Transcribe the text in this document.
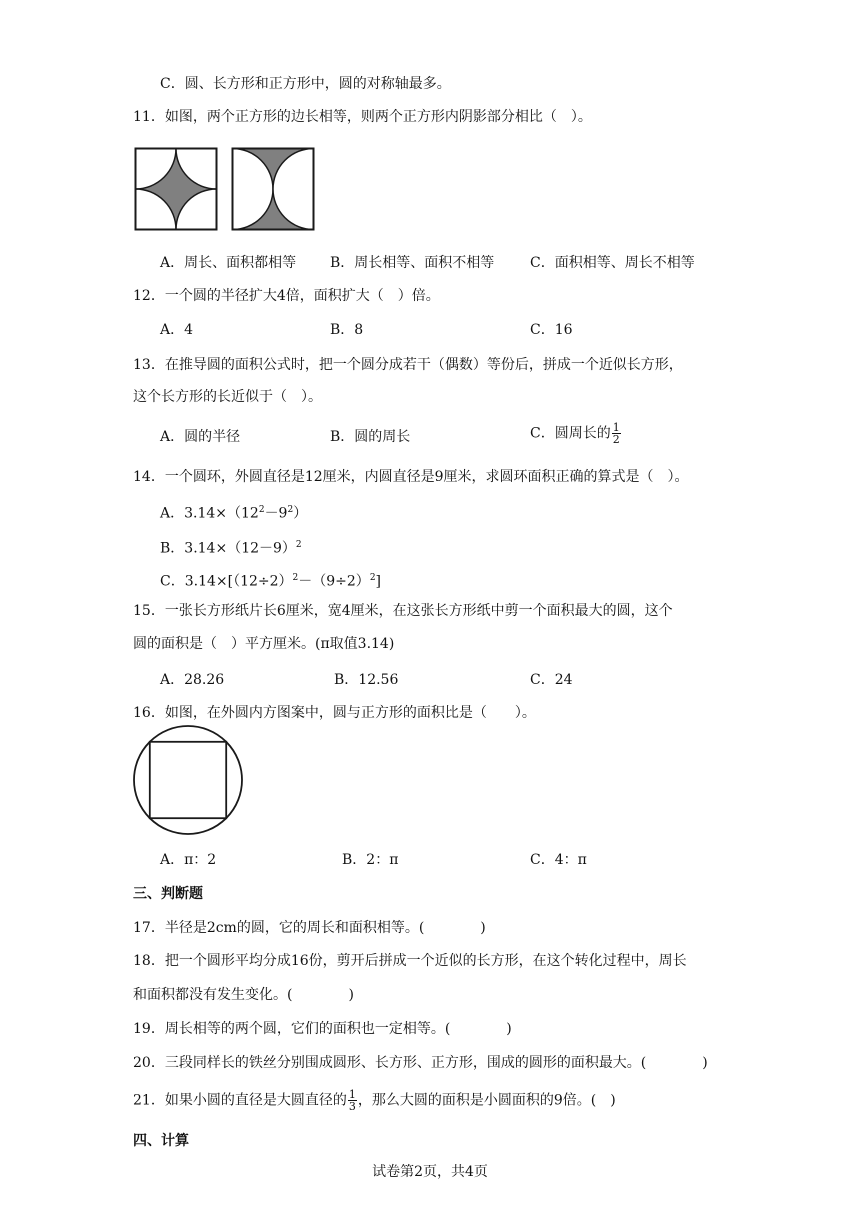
C．圆、长方形和正方形中，圆的对称轴最多。
11．如图，两个正方形的边长相等，则两个正方形内阴影部分相比（　）。
A．周长、面积都相等 B．周长相等、面积不相等	C．面积相等、周长不相等
12．一个圆的半径扩大4倍，面积扩大（　）倍。
A．4	B．8	C．16
13．在推导圆的面积公式时，把一个圆分成若干（偶数）等份后，拼成一个近似长方形，
这个长方形的长近似于（　）。
A．圆的半径	B．圆的周长	C．圆周长的 $\frac{1}{2}$
14．一个圆环，外圆直径是12厘米，内圆直径是9厘米，求圆环面积正确的算式是（　）。
A．$3.14\times(12^2-9^2)$
B．$3.14\times(12-9)^2$
C．$3.14\times[(12\div 2)^2-(9\div 2)^2]$
15．一张长方形纸片长6厘米，宽4厘米，在这张长方形纸中剪一个面积最大的圆，这个
圆的面积是（　）平方厘米。(π取值3.14)
A．28.26	B．12.56	C．24
16．如图，在外圆内方图案中，圆与正方形的面积比是（　　）。
A．π：2	B．2：π	C．4：π
三、判断题
17．半径是2cm的圆，它的周长和面积相等。(　　　　)
18．把一个圆形平均分成16份，剪开后拼成一个近似的长方形，在这个转化过程中，周长
和面积都没有发生变化。(　　　　)
19．周长相等的两个圆，它们的面积也一定相等。(　　　　)
20．三段同样长的铁丝分别围成圆形、长方形、正方形，围成的圆形的面积最大。(　　　　)
21．如果小圆的直径是大圆直径的 $\frac{1}{3}$ ，那么大圆的面积是小圆面积的9倍。(　)
四、计算
试卷第2页，共4页
